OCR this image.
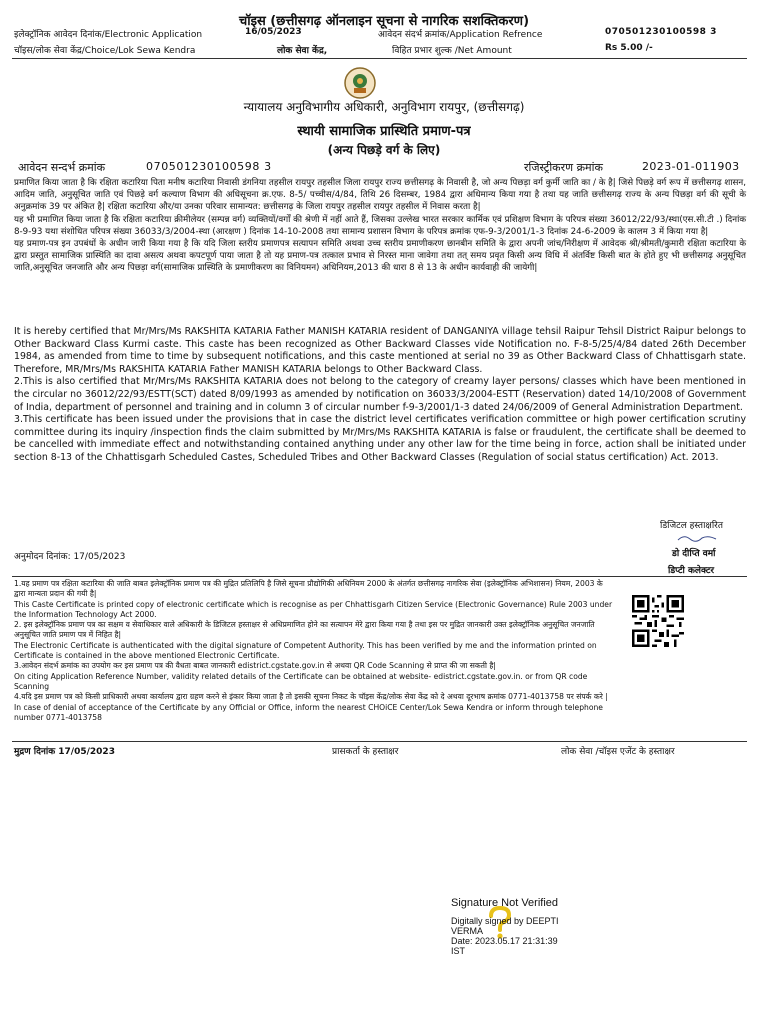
चॉइस (छत्तीसगढ़ ऑनलाइन सूचना से नागरिक सशक्तिकरण)
इलेक्ट्रॉनिक आवेदन दिनांक/Electronic Application	16/05/2023	आवेदन संदर्भ क्रमांक/Application Refrence	070501230100598 3
चॉइस/लोक सेवा केंद्र/Choice/Lok Sewa Kendra	लोक सेवा केंद्र,	विहित प्रभार शुल्क /Net Amount	Rs 5.00 /-
न्यायालय अनुविभागीय अधिकारी, अनुविभाग रायपुर, (छत्तीसगढ़)
स्थायी सामाजिक प्रास्थिति प्रमाण-पत्र
(अन्य पिछड़े वर्ग के लिए)
आवेदन सन्दर्भ क्रमांक	070501230100598 3	रजिस्ट्रीकरण क्रमांक	2023-01-011903

प्रमाणित किया जाता है कि रक्षिता कटारिया पिता मनीष कटारिया निवासी डंगनिया तहसील रायपुर तहसील जिला रायपुर राज्य छत्तीसगढ़ के निवासी है, जो अन्य पिछड़ा वर्ग कुर्मी जाति का / के है| जिसे पिछड़े वर्ग रूप में छत्तीसगढ़ शासन, आदिम जाति, अनुसूचित जाति एवं पिछड़े वर्ग कल्याण विभाग की अधिसूचना क्र.एफ. 8-5/ पच्चीस/4/84, तिथि 26 दिसम्बर, 1984 द्वारा अधिमान्य किया गया है तथा यह जाति छत्तीसगढ़ राज्य के अन्य पिछड़ा वर्ग की सूची के अनुक्रमांक 39 पर अंकित है| रक्षिता कटारिया और/या उनका परिवार सामान्यत: छत्तीसगढ़ के जिला रायपुर तहसील रायपुर तहसील में निवास करता है|

यह भी प्रमाणित किया जाता है कि रक्षिता कटारिया क्रीमीलेयर (सम्पन्न वर्ग) व्यक्तियों/वर्गों की श्रेणी में नहीं आते हैं, जिसका उल्लेख भारत सरकार कार्मिक एवं प्रशिक्षण विभाग के परिपत्र संख्या 36012/22/93/स्था(एस.सी.टी .) दिनांक 8-9-93 यथा संशोधित परिपत्र संख्या 36033/3/2004-स्था (आरक्षण ) दिनांक 14-10-2008 तथा सामान्य प्रशासन विभाग के परिपत्र क्रमांक एफ-9-3/2001/1-3 दिनांक 24-6-2009 के कालम 3 में किया गया है|

यह प्रमाण-पत्र इन उपबंधों के अधीन जारी किया गया है कि यदि जिला स्तरीय प्रमाणपत्र सत्यापन समिति अथवा उच्च स्तरीय प्रमाणीकरण छानबीन समिति के द्वारा अपनी जांच/निरीक्षण में आवेदक श्री/श्रीमती/कुमारी रक्षिता कटारिया के द्वारा प्रस्तुत सामाजिक प्रास्थिति का दावा असत्य अथवा कपटपूर्ण पाया जाता है तो यह प्रमाण-पत्र तत्काल प्रभाव से निरस्त माना जावेगा तथा तत् समय प्रवृत किसी अन्य विधि में अंतर्विष्ट किसी बात के होते हुए भी छत्तीसगढ़ अनुसूचित जाति,अनुसूचित जनजाति और अन्य पिछड़ा वर्ग(सामाजिक प्रास्थिति के प्रमाणीकरण का विनियमन) अधिनियम,2013 की धारा 8 से 13 के अधीन कार्यवाही की जायेगी|

It is hereby certified that Mr/Mrs/Ms RAKSHITA KATARIA Father MANISH KATARIA resident of DANGANIYA village tehsil Raipur Tehsil District Raipur belongs to Other Backward Class Kurmi caste. This caste has been recognized as Other Backward Classes vide Notification no. F-8-5/25/4/84 dated 26th December 1984, as amended from time to time by subsequent notifications, and this caste mentioned at serial no 39 as Other Backward Class of Chhattisgarh state. Therefore, MR/Mrs/Ms RAKSHITA KATARIA Father MANISH KATARIA belongs to Other Backward Class.

2.This is also certified that Mr/Mrs/Ms RAKSHITA KATARIA does not belong to the category of creamy layer persons/ classes which have been mentioned in the circular no 36012/22/93/ESTT(SCT) dated 8/09/1993 as amended by notification on 36033/3/2004-ESTT (Reservation) dated 14/10/2008 of Government of India, department of personnel and training and in column 3 of circular number f-9-3/2001/1-3 dated 24/06/2009 of General Administration Department.

3.This certificate has been issued under the provisions that in case the district level certificates verification committee or high power certification scrutiny committee during its inquiry /inspection finds the claim submitted by Mr/Mrs/Ms RAKSHITA KATARIA is false or fraudulent, the certificate shall be deemed to be cancelled with immediate effect and notwithstanding contained anything under any other law for the time being in force, action shall be initiated under section 8-13 of the Chhattisgarh Scheduled Castes, Scheduled Tribes and Other Backward Classes (Regulation of social status certification) Act. 2013.

डिजिटल हस्ताक्षरित
अनुमोदन दिनांक: 17/05/2023	डो दीप्ति वर्मा
डिप्टी कलेक्टर

1.यह प्रमाण पत्र रक्षिता कटारिया की जाति बाबत इलेक्ट्रॉनिक प्रमाण पत्र की मुद्रित प्रतिलिपि है जिसे सूचना प्रौद्योगिकी अधिनियम 2000 के अंतर्गत छत्तीसगढ़ नागरिक सेवा (इलेक्ट्रॉनिक अभिशासन) नियम, 2003 के द्वारा मान्यता प्रदान की गयी है|

This Caste Certificate is printed copy of electronic certificate which is recognise as per Chhattisgarh Citizen Service (Electronic Governance) Rule 2003 under the Information Technology Act 2000.

2. इस इलेक्ट्रॉनिक प्रमाण पत्र का सक्षम व सेवाधिकार वाले अधिकारी के डिजिटल हस्ताक्षर से अधिप्रमाणित होने का सत्यापन मेरे द्वारा किया गया है तथा इस पर मुद्रित जानकारी उक्त इलेक्ट्रॉनिक अनुसूचित जनजाति अनुसूचित जाति प्रमाण पत्र में निहित है|

The Electronic Certificate is authenticated with the digital signature of Competent Authority. This has been verified by me and the information printed on Certificate is contained in the above mentioned Electronic Certificate.

3.आवेदन संदर्भ क्रमांक का उपयोग कर इस प्रमाण पत्र की वैधता बाबत जानकारी edistrict.cgstate.gov.in से अथवा QR Code Scanning से प्राप्त की जा सकती है|

On citing Application Reference Number, validity related details of the Certificate can be obtained at website- edistrict.cgstate.gov.in. or from QR code Scanning

4.यदि इस प्रमाण पत्र को किसी प्राधिकारी अथवा कार्यालय द्वारा ग्रहण करने से इंकार किया जाता है तो इसकी सूचना निकट के चॉइस केंद्र/लोक सेवा केंद्र को दे अथवा दूरभाष क्रमांक 0771-4013758 पर संपर्क करे |

In case of denial of acceptance of the Certificate by any Official or Office, inform the nearest CHOiCE Center/Lok Sewa Kendra or inform through telephone number 0771-4013758

मुद्रण दिनांक 17/05/2023	प्रासकर्ता के हस्ताक्षर	लोक सेवा /चॉइस एजेंट के हस्ताक्षर
Signature Not Verified
Digitally signed by DEEPTI
VERMA
Date: 2023.05.17 21:31:39
IST
